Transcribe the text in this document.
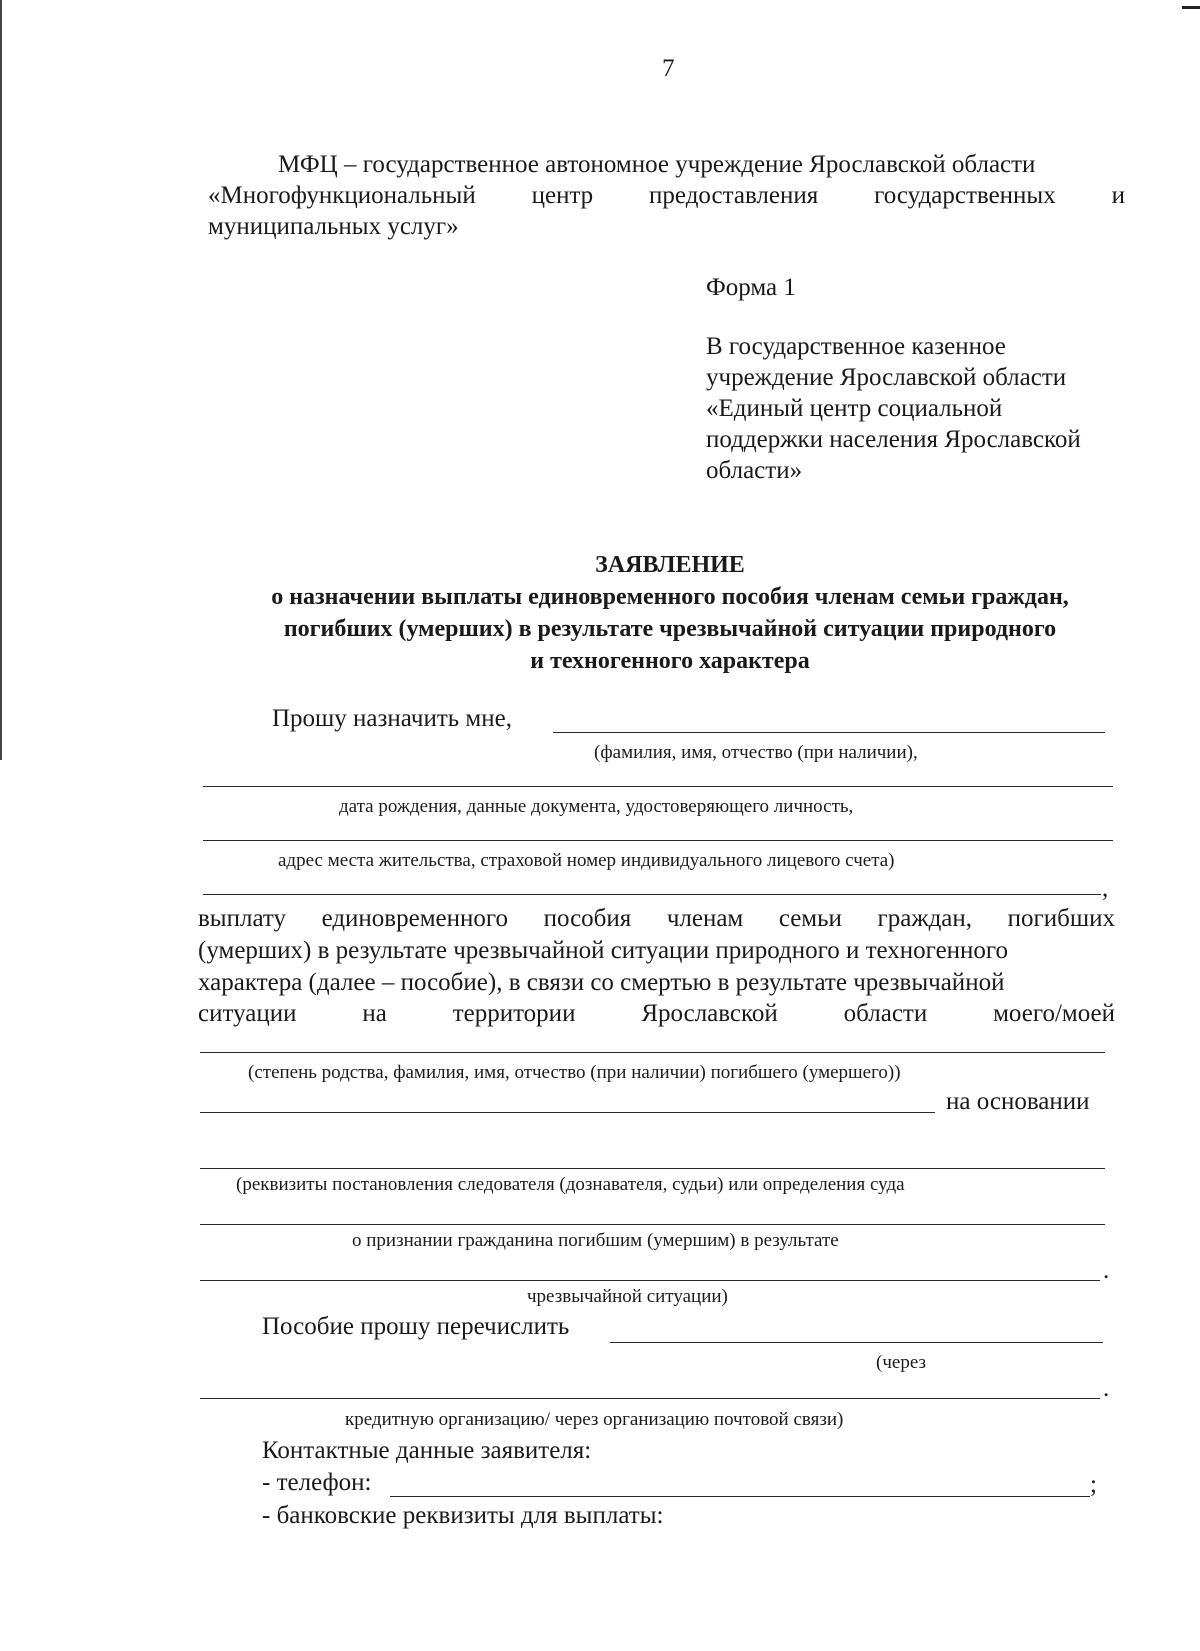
7
МФЦ – государственное автономное учреждение Ярославской области
«Многофункциональный центр предоставления государственных и
муниципальных услуг»
Форма 1
В государственное казенное
учреждение Ярославской области
«Единый центр социальной
поддержки населения Ярославской
области»
ЗАЯВЛЕНИЕ
о назначении выплаты единовременного пособия членам семьи граждан,
погибших (умерших) в результате чрезвычайной ситуации природного
и техногенного характера
Прошу назначить мне,
(фамилия, имя, отчество (при наличии),
дата рождения, данные документа, удостоверяющего личность,
адрес места жительства, страховой номер индивидуального лицевого счета)
,
выплату единовременного пособия членам семьи граждан, погибших
(умерших) в результате чрезвычайной ситуации природного и техногенного
характера (далее – пособие), в связи со смертью в результате чрезвычайной
ситуации	на	территории	Ярославской	области	моего/моей
(степень родства, фамилия, имя, отчество (при наличии) погибшего (умершего))
на основании
(реквизиты постановления следователя (дознавателя, судьи) или определения суда
о признании гражданина погибшим (умершим) в результате
.
чрезвычайной ситуации)
Пособие прошу перечислить
(через
.
кредитную организацию/ через организацию почтовой связи)
Контактные данные заявителя:
- телефон:	;
- банковские реквизиты для выплаты:
